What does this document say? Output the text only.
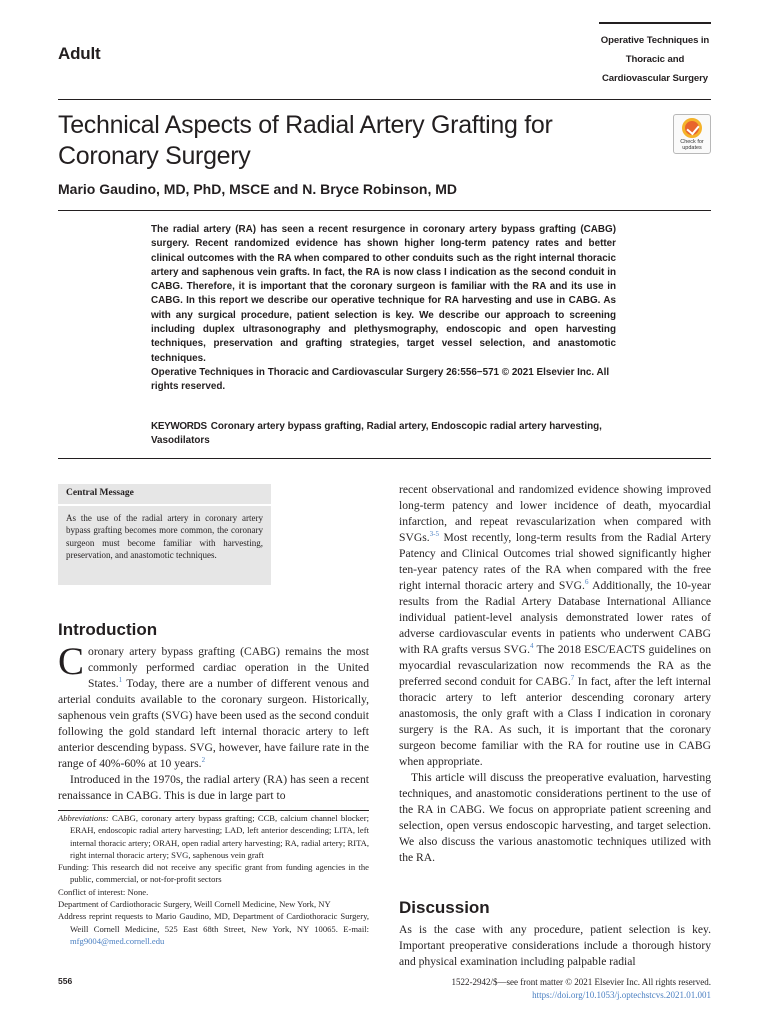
Adult
Operative Techniques in
Thoracic and
Cardiovascular Surgery
Technical Aspects of Radial Artery Grafting for
Coronary Surgery	Check for
updates
Mario Gaudino, MD, PhD, MSCE and N. Bryce Robinson, MD
The radial artery (RA) has seen a recent resurgence in coronary artery bypass grafting (CABG) surgery. Recent randomized evidence has shown higher long-term patency rates and better clinical outcomes with the RA when compared to other conduits such as the right internal thoracic artery and saphenous vein grafts. In fact, the RA is now class I indication as the second conduit in CABG. Therefore, it is important that the coronary surgeon is familiar with the RA and its use in CABG. In this report we describe our operative technique for RA harvesting and use in CABG. As with any surgical procedure, patient selection is key. We describe our approach to screening including duplex ultrasonography and plethysmography, endoscopic and open harvesting techniques, preservation and grafting strategies, target vessel selection, and anastomotic techniques.
Operative Techniques in Thoracic and Cardiovascular Surgery 26:556−571 © 2021 Elsevier Inc. All rights reserved.
KEYWORDS Coronary artery bypass grafting, Radial artery, Endoscopic radial artery harvesting, Vasodilators
Central Message
As the use of the radial artery in coronary artery bypass grafting becomes more common, the coronary surgeon must become familiar with harvesting, preservation, and anastomotic techniques.
Introduction

Coronary artery bypass grafting (CABG) remains the most commonly performed cardiac operation in the United States.$^1$ Today, there are a number of different venous and arterial conduits available to the coronary surgeon. Historically, saphenous vein grafts (SVG) have been used as the second conduit following the gold standard left internal thoracic artery to left anterior descending bypass. SVG, however, have failure rate in the range of 40%-60% at 10 years.$^2$

Introduced in the 1970s, the radial artery (RA) has seen a recent renaissance in CABG. This is due in large part to

Abbreviations: CABG, coronary artery bypass grafting; CCB, calcium channel blocker; ERAH, endoscopic radial artery harvesting; LAD, left anterior descending; LITA, left internal thoracic artery; ORAH, open radial artery harvesting; RA, radial artery; RITA, right internal thoracic artery; SVG, saphenous vein graft
Funding: This research did not receive any specific grant from funding agencies in the public, commercial, or not-for-profit sectors
Conflict of interest: None.
Department of Cardiothoracic Surgery, Weill Cornell Medicine, New York, NY
Address reprint requests to Mario Gaudino, MD, Department of Cardiothoracic Surgery, Weill Cornell Medicine, 525 East 68th Street, New York, NY 10065. E-mail: mfg9004@med.cornell.edu

recent observational and randomized evidence showing improved long-term patency and lower incidence of death, myocardial infarction, and repeat revascularization when compared with SVGs.$^{3-5}$ Most recently, long-term results from the Radial Artery Patency and Clinical Outcomes trial showed significantly higher ten-year patency rates of the RA when compared with the free right internal thoracic artery and SVG.$^6$ Additionally, the 10-year results from the Radial Artery Database International Alliance individual patient-level analysis demonstrated lower rates of adverse cardiovascular events in patients who underwent CABG with RA grafts versus SVG.$^4$ The 2018 ESC/EACTS guidelines on myocardial revascularization now recommends the RA as the preferred second conduit for CABG.$^7$ In fact, after the left internal thoracic artery to left anterior descending coronary artery anastomosis, the only graft with a Class I indication in coronary surgery is the RA. As such, it is important that the coronary surgeon become familiar with the RA for routine use in CABG when appropriate.

This article will discuss the preoperative evaluation, harvesting techniques, and anastomotic considerations pertinent to the use of the RA in CABG. We focus on appropriate patient screening and selection, open versus endoscopic harvesting, and target selection. We also discuss the various anastomotic techniques utilized with the RA.

Discussion
As is the case with any procedure, patient selection is key. Important preoperative considerations include a thorough history and physical examination including palpable radial
556	1522-2942/$—see front matter © 2021 Elsevier Inc. All rights reserved.
https://doi.org/10.1053/j.optechstcvs.2021.01.001
